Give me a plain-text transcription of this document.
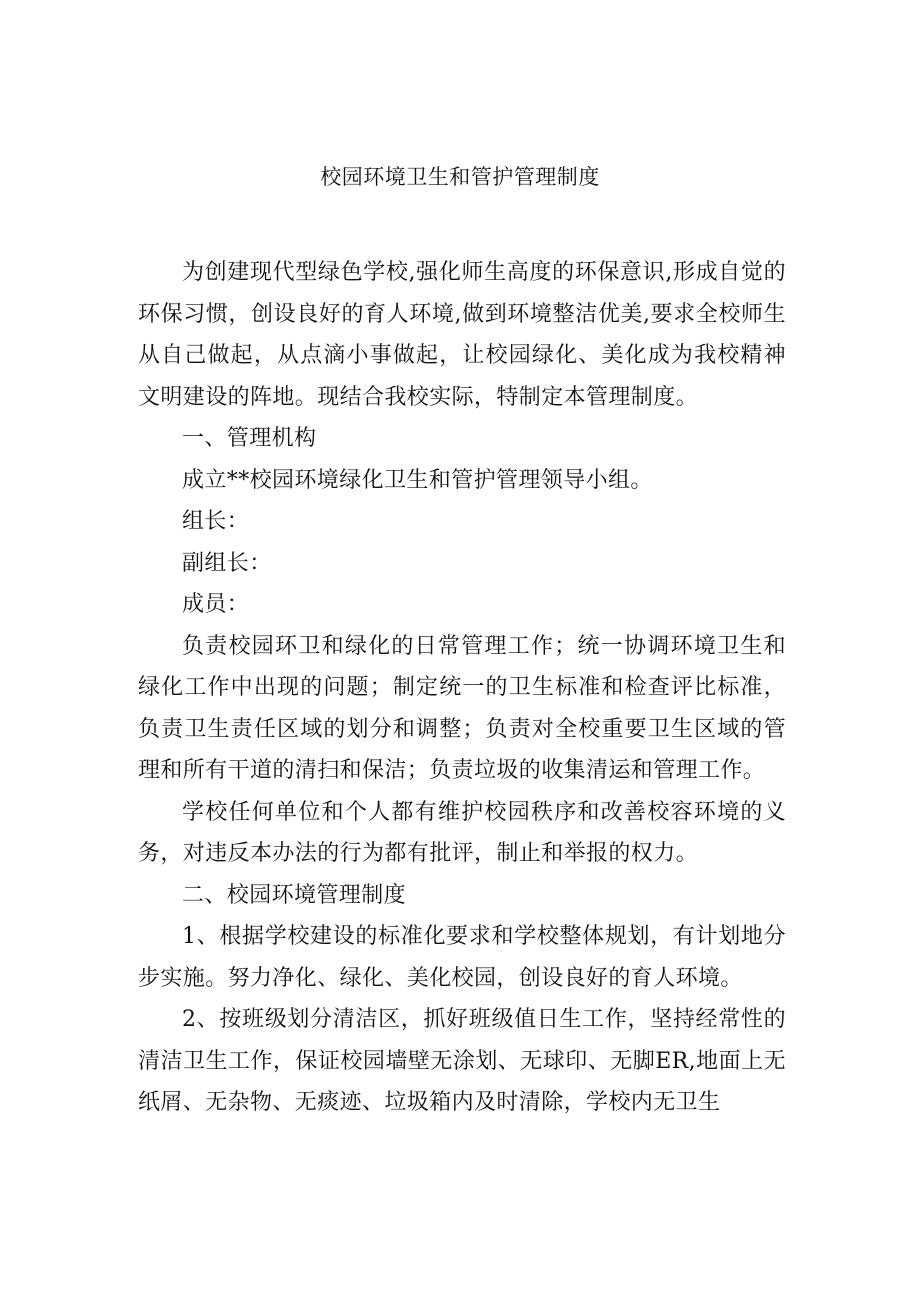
校园环境卫生和管护管理制度

为创建现代型绿色学校,强化师生高度的环保意识,形成自觉的环保习惯，创设良好的育人环境,做到环境整洁优美,要求全校师生从自己做起，从点滴小事做起，让校园绿化、美化成为我校精神文明建设的阵地。现结合我校实际，特制定本管理制度。

一、管理机构

成立**校园环境绿化卫生和管护管理领导小组。

组长：

副组长：

成员：

负责校园环卫和绿化的日常管理工作；统一协调环境卫生和绿化工作中出现的问题；制定统一的卫生标准和检查评比标准，负责卫生责任区域的划分和调整；负责对全校重要卫生区域的管理和所有干道的清扫和保洁；负责垃圾的收集清运和管理工作。

学校任何单位和个人都有维护校园秩序和改善校容环境的义务，对违反本办法的行为都有批评，制止和举报的权力。

二、校园环境管理制度

1、根据学校建设的标准化要求和学校整体规划，有计划地分步实施。努力净化、绿化、美化校园，创设良好的育人环境。

2、按班级划分清洁区，抓好班级值日生工作，坚持经常性的清洁卫生工作，保证校园墙壁无涂划、无球印、无脚ER,地面上无纸屑、无杂物、无痰迹、垃圾箱内及时清除，学校内无卫生
